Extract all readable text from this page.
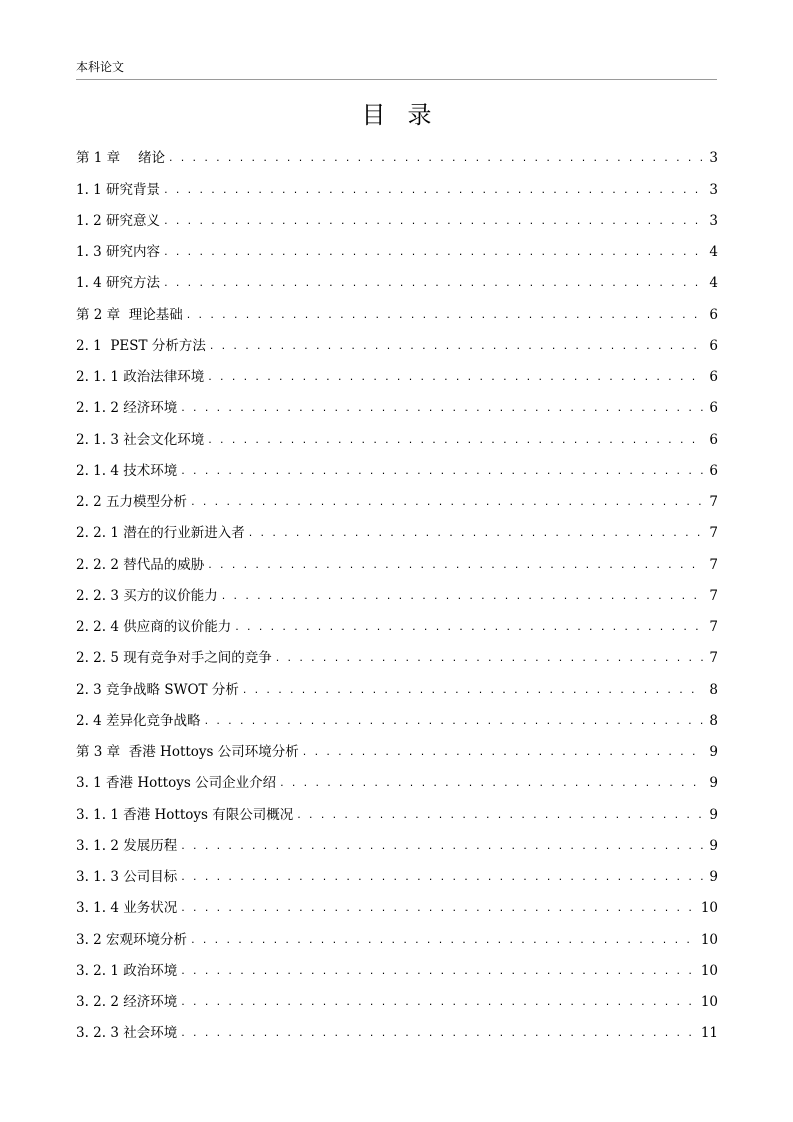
本科论文
目录
第 1 章　 绪论 . . .	3
1. 1 研究背景 . . .	3
1. 2 研究意义 . . .	3
1. 3 研究内容 . . .	4
1. 4 研究方法 . . .	4
第 2 章  理论基础 . . .	6
2. 1  PEST 分析方法 . . .	6
2. 1. 1 政治法律环境 . . .	6
2. 1. 2 经济环境 . . .	6
2. 1. 3 社会文化环境 . . .	6
2. 1. 4 技术环境 . . .	6
2. 2 五力模型分析 . . .	7
2. 2. 1 潜在的行业新进入者 . . .	7
2. 2. 2 替代品的威胁 . . .	7
2. 2. 3 买方的议价能力 . . .	7
2. 2. 4 供应商的议价能力 . . .	7
2. 2. 5 现有竞争对手之间的竞争 . . .	7
2. 3 竞争战略 SWOT 分析 . . .	8
2. 4 差异化竞争战略 . . .	8
第 3 章  香港 Hottoys 公司环境分析 . . .	9
3. 1 香港 Hottoys 公司企业介绍 . . .	9
3. 1. 1 香港 Hottoys 有限公司概况 . . .	9
3. 1. 2 发展历程 . . .	9
3. 1. 3 公司目标 . . .	9
3. 1. 4 业务状况 . . .	10
3. 2 宏观环境分析 . . .	10
3. 2. 1 政治环境 . . .	10
3. 2. 2 经济环境 . . .	10
3. 2. 3 社会环境 . . .	11
